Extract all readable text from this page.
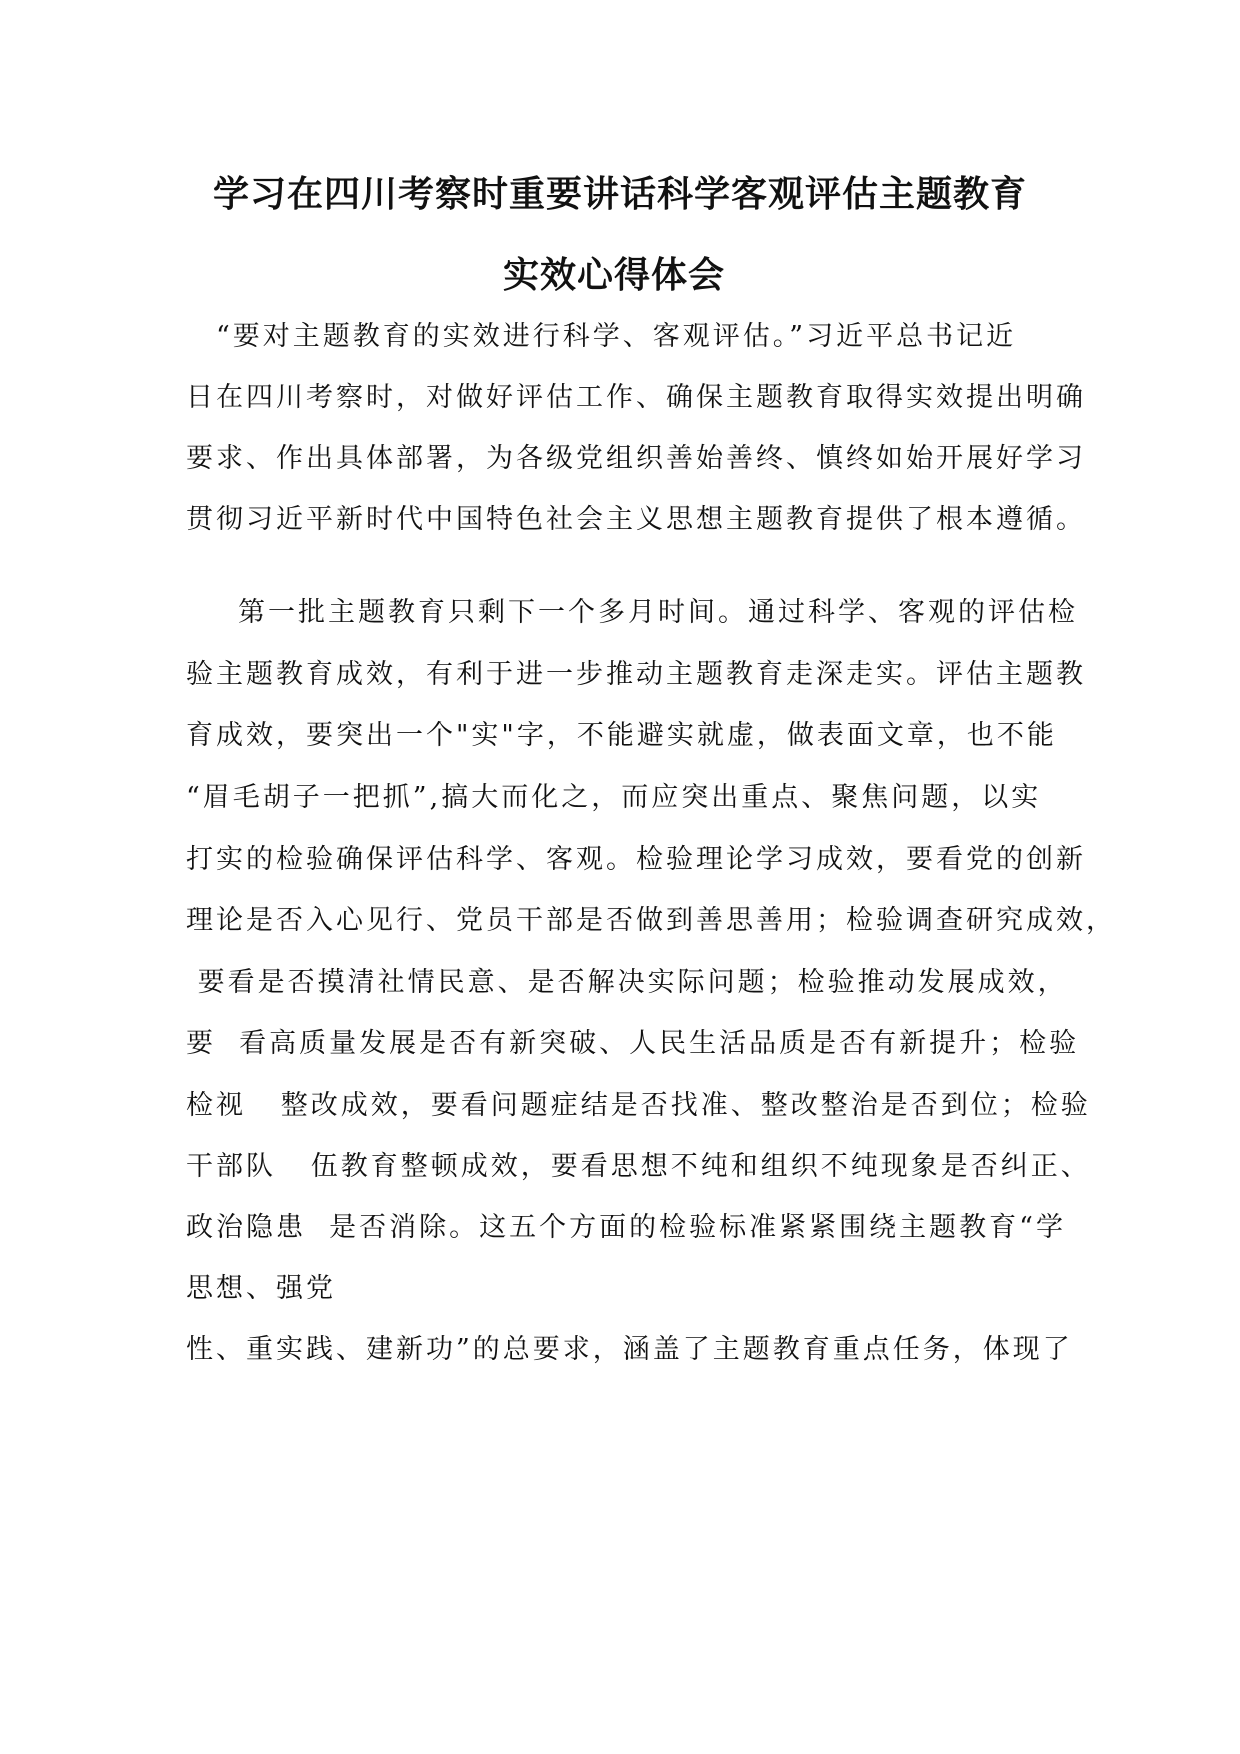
学习在四川考察时重要讲话科学客观评估主题教育
实效心得体会
“要对主题教育的实效进行科学、客观评估。”习近平总书记近
日在四川考察时，对做好评估工作、确保主题教育取得实效提出明确
要求、作出具体部署，为各级党组织善始善终、慎终如始开展好学习
贯彻习近平新时代中国特色社会主义思想主题教育提供了根本遵循。
第一批主题教育只剩下一个多月时间。通过科学、客观的评估检
验主题教育成效，有利于进一步推动主题教育走深走实。评估主题教
育成效，要突出一个"实"字，不能避实就虚，做表面文章，也不能
“眉毛胡子一把抓”,搞大而化之，而应突出重点、聚焦问题，以实
打实的检验确保评估科学、客观。检验理论学习成效，要看党的创新
理论是否入心见行、党员干部是否做到善思善用；检验调查研究成效，
要看是否摸清社情民意、是否解决实际问题；检验推动发展成效，
要  看高质量发展是否有新突破、人民生活品质是否有新提升；检验
检视   整改成效，要看问题症结是否找准、整改整治是否到位；检验
干部队   伍教育整顿成效，要看思想不纯和组织不纯现象是否纠正、
政治隐患  是否消除。这五个方面的检验标准紧紧围绕主题教育“学
思想、强党
性、重实践、建新功”的总要求，涵盖了主题教育重点任务，体现了
